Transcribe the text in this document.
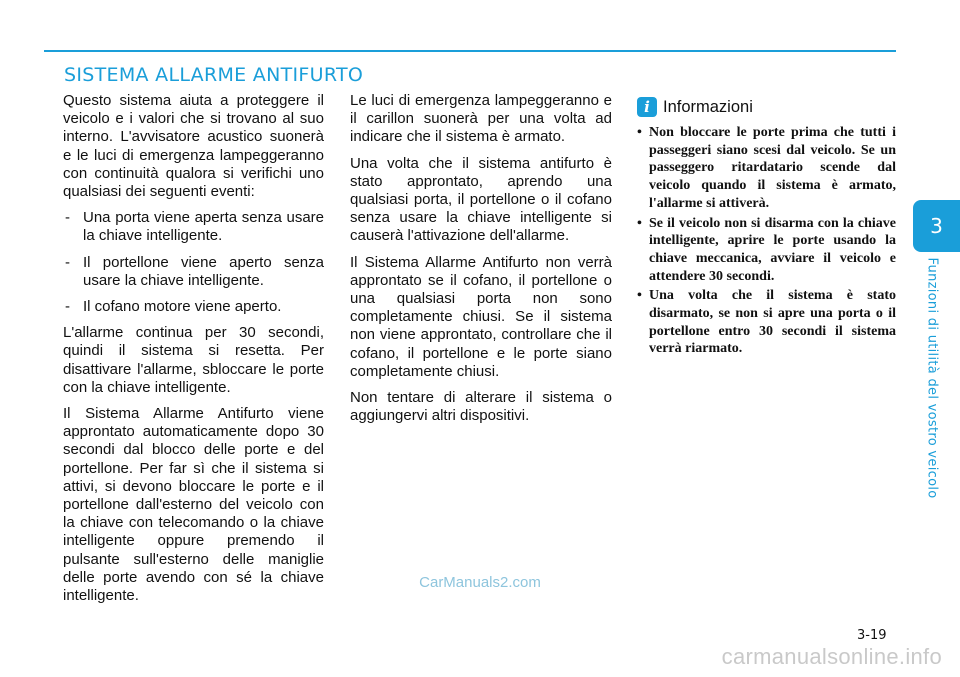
SISTEMA ALLARME ANTIFURTO

Questo sistema aiuta a proteggere il veicolo e i valori che si trovano al suo interno. L'avvisatore acustico suonerà e le luci di emergenza lampeggeranno con continuità qualora si verifichi uno qualsiasi dei seguenti eventi:

- Una porta viene aperta senza usare la chiave intelligente.
- Il portellone viene aperto senza usare la chiave intelligente.
- Il cofano motore viene aperto.

L'allarme continua per 30 secondi, quindi il sistema si resetta. Per disattivare l'allarme, sbloccare le porte con la chiave intelligente.

Il Sistema Allarme Antifurto viene approntato automaticamente dopo 30 secondi dal blocco delle porte e del portellone. Per far sì che il sistema si attivi, si devono bloccare le porte e il portellone dall'esterno del veicolo con la chiave con telecomando o la chiave intelligente oppure premendo il pulsante sull'esterno delle maniglie delle porte avendo con sé la chiave intelligente.

Le luci di emergenza lampeggeranno e il carillon suonerà per una volta ad indicare che il sistema è armato.

Una volta che il sistema antifurto è stato approntato, aprendo una qualsiasi porta, il portellone o il cofano senza usare la chiave intelligente si causerà l'attivazione dell'allarme.

Il Sistema Allarme Antifurto non verrà approntato se il cofano, il portellone o una qualsiasi porta non sono completamente chiusi. Se il sistema non viene approntato, controllare che il cofano, il portellone e le porte siano completamente chiusi.

Non tentare di alterare il sistema o aggiungervi altri dispositivi.

i Informazioni
• Non bloccare le porte prima che tutti i passeggeri siano scesi dal veicolo. Se un passeggero ritardatario scende dal veicolo quando il sistema è armato, l'allarme si attiverà.
• Se il veicolo non si disarma con la chiave intelligente, aprire le porte usando la chiave meccanica, avviare il veicolo e attendere 30 secondi.
• Una volta che il sistema è stato disarmato, se non si apre una porta o il portellone entro 30 secondi il sistema verrà riarmato.
3
Funzioni di utilità del vostro veicolo
CarManuals2.com
3-19
carmanualsonline.info
